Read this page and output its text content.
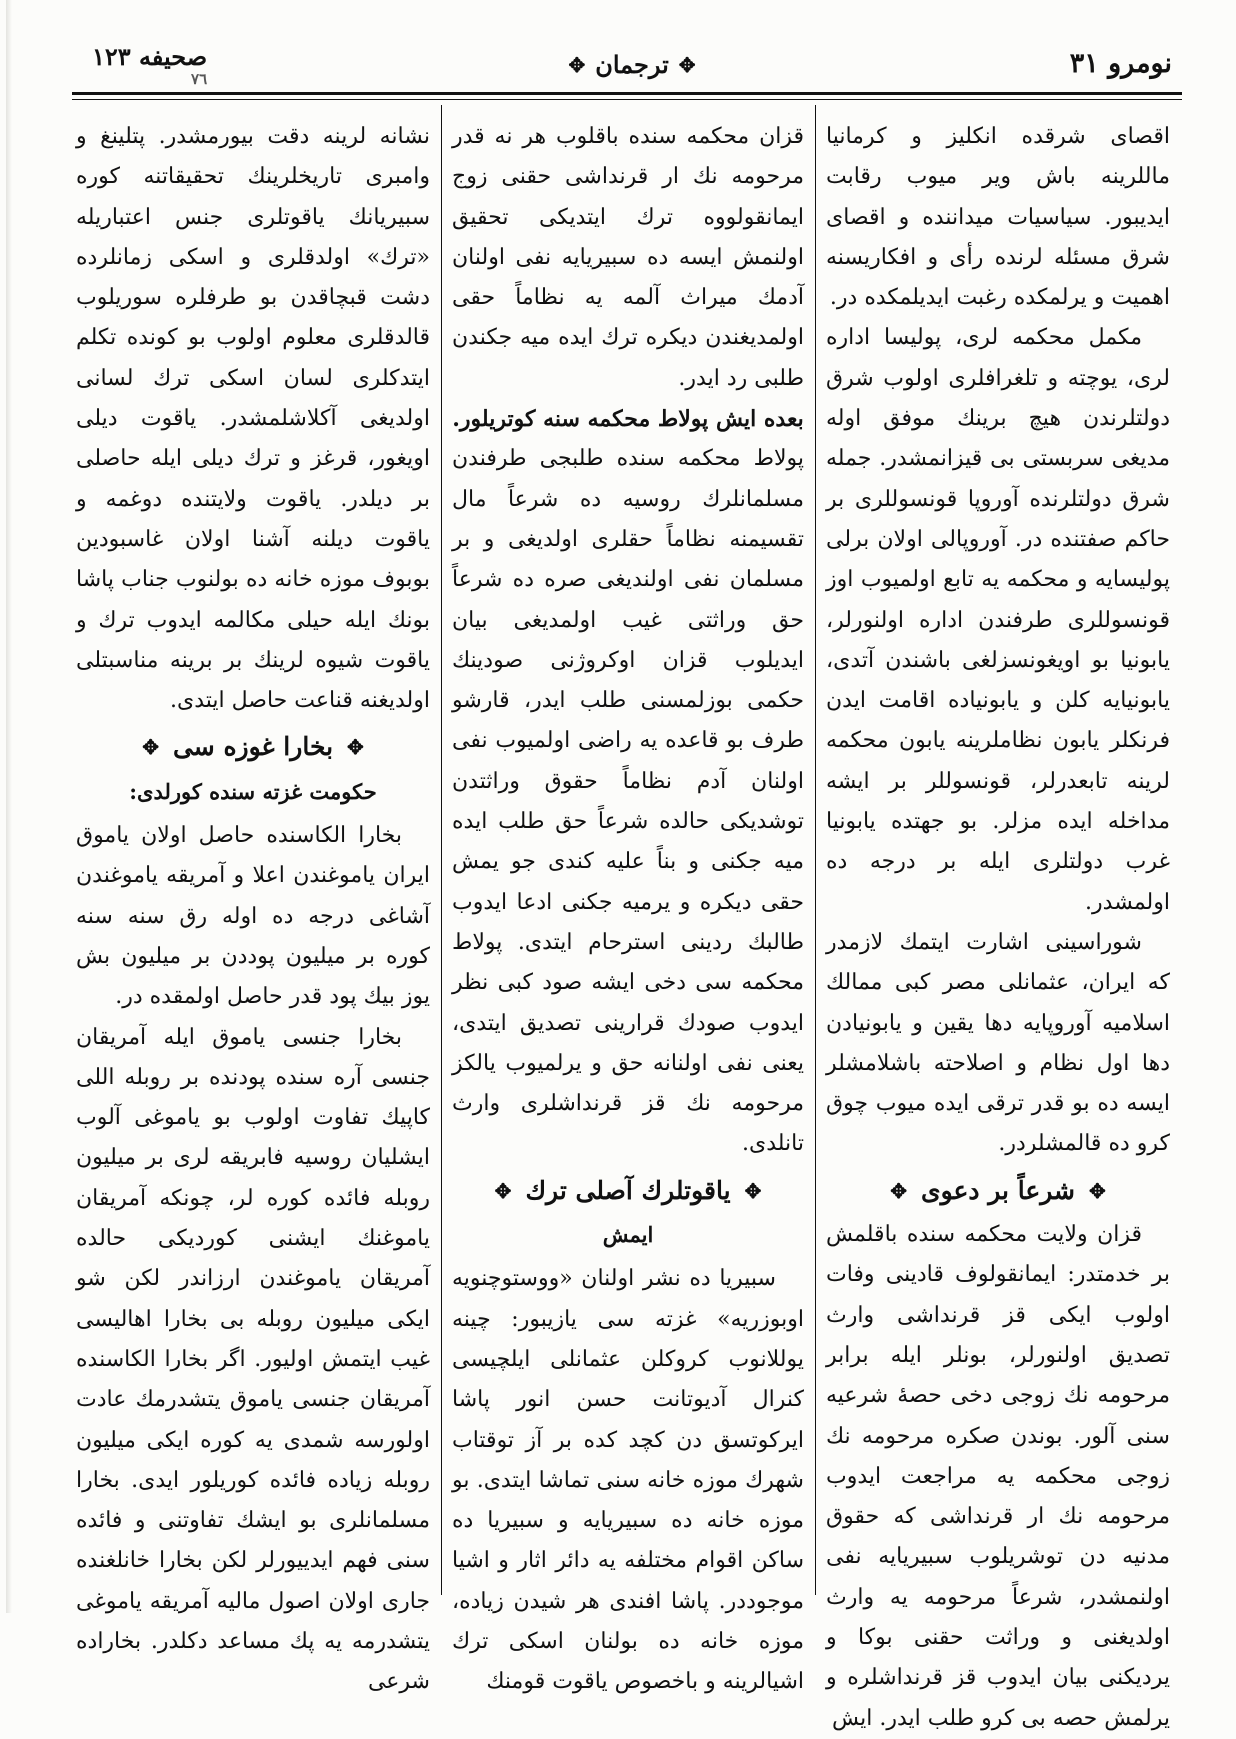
نومرو ۳۱
✥
ترجمان
✥
صحيفه ١٢٣
٧٦

اقصای شرقده انكليز و كرمانيا ماللرينه باش وير ميوب رقابت ايديبور. سياسيات ميداننده و اقصای شرق مسئله لرنده رأی و افكاريسنه اهميت و يرلمكده رغبت ايديلمكده در.

مكمل محكمه لری، پوليسا اداره لری، يوچته و تلغرافلری اولوب شرق دولتلرندن هيچ برينك موفق اوله مديغی سربستی بی قيزانمشدر. جمله شرق دولتلرنده آوروپا قونسوللری بر حاكم صفتنده در. آوروپالی اولان برلی پوليسايه و محكمه يه تابع اولميوب اوز قونسوللری طرفندن اداره اولنورلر، يابونيا بو اويغونسزلغی باشندن آتدی، يابونيايه كلن و يابونياده اقامت ايدن فرنكلر يابون نظاملرينه يابون محكمه لرينه تابعدرلر، قونسوللر بر ايشه مداخله ايده مزلر. بو جهتده يابونيا غرب دولتلری ايله بر درجه ده اولمشدر.

شوراسينی اشارت ايتمك لازمدر كه ايران، عثمانلی مصر كبی ممالك اسلاميه آوروپايه دها يقين و يابونيادن دها اول نظام و اصلاحته باشلامشلر ايسه ده بو قدر ترقی ايده ميوب چوق كرو ده قالمشلردر.

✥
شرعاً بر دعوی
✥

قزان ولايت محكمه سنده باقلمش بر خدمتدر: ايمانقولوف قادينی وفات اولوب ايكی قز قرنداشی وارث تصديق اولنورلر، بونلر ايله برابر مرحومه نك زوجی دخی حصهٔ شرعيه سنی آلور. بوندن صكره مرحومه نك زوجی محكمه يه مراجعت ايدوب مرحومه نك ار قرنداشی كه حقوق مدنيه دن توشريلوب سبيريايه نفی اولنمشدر، شرعاً مرحومه يه وارث اولديغنی و وراثت حقنی بوكا و يرديكنی بيان ايدوب قز قرنداشلره و يرلمش حصه بی كرو طلب ايدر. ايش

قزان محكمه سنده باقلوب هر نه قدر مرحومه نك ار قرنداشی حقنی زوج ايمانقولووه ترك ايتديكی تحقيق اولنمش ايسه ده سبيريايه نفی اولنان آدمك ميراث آلمه يه نظاماً حقی اولمديغندن ديكره ترك ايده ميه جكندن طلبی رد ايدر.

بعده ايش پولاط محكمه سنه كوتريلور.

پولاط محكمه سنده طلبجی طرفندن مسلمانلرك روسيه ده شرعاً مال تقسيمنه نظاماً حقلری اولديغی و بر مسلمان نفی اولنديغی صره ده شرعاً حق وراثتی غيب اولمديغی بيان ايديلوب قزان اوكروژنی صودينك حكمی بوزلمسنی طلب ايدر، قارشو طرف بو قاعده يه راضی اولميوب نفی اولنان آدم نظاماً حقوق وراثتدن توشديكی حالده شرعاً حق طلب ايده ميه جكنی و بناً عليه كندی جو يمش حقی ديكره و يرميه جكنی ادعا ايدوب طالبك ردينی استرحام ايتدی. پولاط محكمه سی دخی ايشه صود كبی نظر ايدوب صودك قرارينی تصديق ايتدی، يعنی نفی اولنانه حق و يرلميوب يالكز مرحومه نك قز قرنداشلری وارث تانلدی.

✥
ياقوتلرك آصلی ترك
✥
ايمش

سبيريا ده نشر اولنان «ووستوچنويه اوبوزريه» غزته سی يازيبور: چينه يوللانوب كروكلن عثمانلی ايلچيسی كنرال آديوتانت حسن انور پاشا ايركوتسق دن كچد كده بر آز توقتاب شهرك موزه خانه سنی تماشا ايتدی. بو موزه خانه ده سبيريايه و سبيريا ده ساكن اقوام مختلفه يه دائر اثار و اشيا موجوددر. پاشا افندی هر شيدن زياده، موزه خانه ده بولنان اسكی ترك اشيالرينه و باخصوص ياقوت قومنك

نشانه لرينه دقت بيورمشدر. پتلينغ و وامبری تاريخلرينك تحقيقاتنه كوره سبيريانك ياقوتلری جنس اعتباريله «ترك» اولدقلری و اسكی زمانلرده دشت قبچاقدن بو طرفلره سوريلوب قالدقلری معلوم اولوب بو كونده تكلم ايتدكلری لسان اسكی ترك لسانی اولديغی آكلاشلمشدر. ياقوت ديلی اويغور، قرغز و ترك ديلی ايله حاصلی بر ديلدر. ياقوت ولايتنده دوغمه و ياقوت ديلنه آشنا اولان غاسبودين بوبوف موزه خانه ده بولنوب جناب پاشا بونك ايله حيلی مكالمه ايدوب ترك و ياقوت شيوه لرينك بر برينه مناسبتلی اولديغنه قناعت حاصل ايتدی.

✥
بخارا غوزه سی
✥
حكومت غزته سنده كورلدی:

بخارا الكاسنده حاصل اولان ياموق ايران ياموغندن اعلا و آمريقه ياموغندن آشاغی درجه ده اوله رق سنه سنه كوره بر ميليون پوددن بر ميليون بش يوز بيك پود قدر حاصل اولمقده در.

بخارا جنسی ياموق ايله آمريقان جنسی آره سنده پودنده بر روبله اللی كاپيك تفاوت اولوب بو ياموغی آلوب ايشليان روسيه فابريقه لری بر ميليون روبله فائده كوره لر، چونكه آمريقان ياموغنك ايشنی كورديكی حالده آمريقان ياموغندن ارزاندر لكن شو ايكی ميليون روبله بی بخارا اهاليسی غيب ايتمش اوليور. اگر بخارا الكاسنده آمريقان جنسی ياموق يتشدرمك عادت اولورسه شمدی يه كوره ايكی ميليون روبله زياده فائده كوريلور ايدی. بخارا مسلمانلری بو ايشك تفاوتنی و فائده سنی فهم ايدييورلر لكن بخارا خانلغنده جاری اولان اصول ماليه آمريقه ياموغی يتشدرمه يه پك مساعد دكلدر. بخاراده شرعی
